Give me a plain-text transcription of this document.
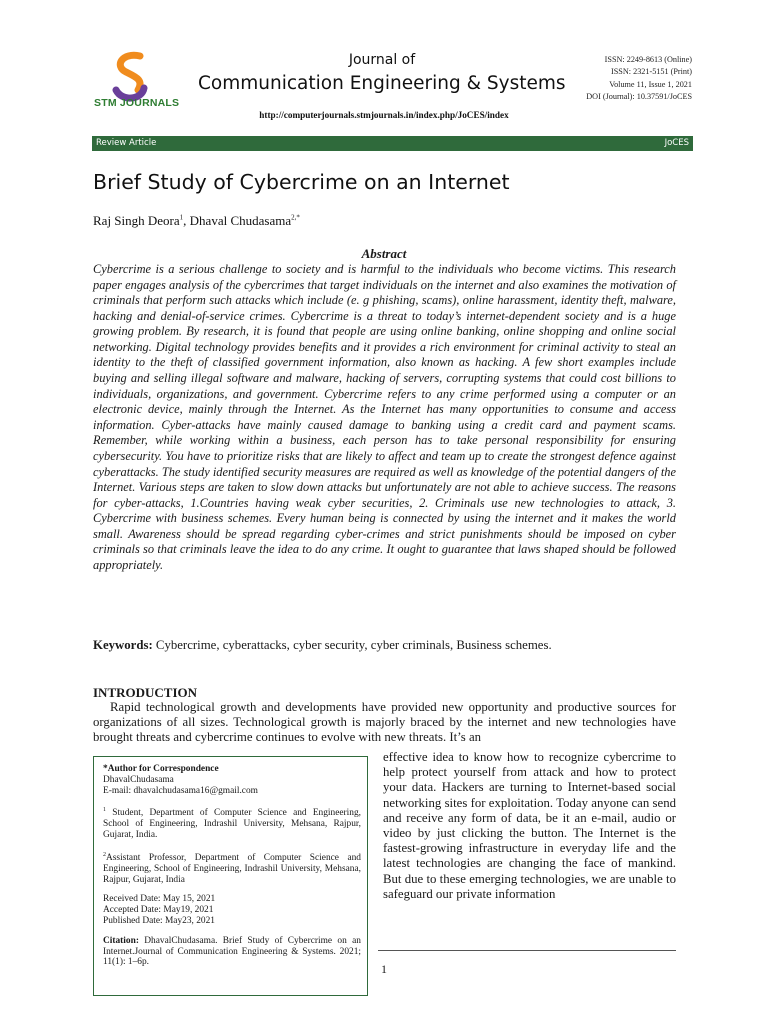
STM JOURNALS
Journal of
Communication Engineering & Systems
ISSN: 2249-8613 (Online)
ISSN: 2321-5151 (Print)
Volume 11, Issue 1, 2021
DOI (Journal): 10.37591/JoCES
http://computerjournals.stmjournals.in/index.php/JoCES/index
Review Article	JoCES
Brief Study of Cybercrime on an Internet
Raj Singh Deora$^1$, Dhaval Chudasama$^{2,*}$
Abstract
Cybercrime is a serious challenge to society and is harmful to the individuals who become victims. This research paper engages analysis of the cybercrimes that target individuals on the internet and also examines the motivation of criminals that perform such attacks which include (e. g phishing, scams), online harassment, identity theft, malware, hacking and denial-of-service crimes. Cybercrime is a threat to today’s internet-dependent society and is a huge growing problem. By research, it is found that people are using online banking, online shopping and online social networking. Digital technology provides benefits and it provides a rich environment for criminal activity to steal an identity to the theft of classified government information, also known as hacking. A few short examples include buying and selling illegal software and malware, hacking of servers, corrupting systems that could cost billions to individuals, organizations, and government. Cybercrime refers to any crime performed using a computer or an electronic device, mainly through the Internet. As the Internet has many opportunities to consume and access information. Cyber-attacks have mainly caused damage to banking using a credit card and payment scams. Remember, while working within a business, each person has to take personal responsibility for ensuring cybersecurity. You have to prioritize risks that are likely to affect and team up to create the strongest defence against cyberattacks. The study identified security measures are required as well as knowledge of the potential dangers of the Internet. Various steps are taken to slow down attacks but unfortunately are not able to achieve success. The reasons for cyber-attacks, 1.Countries having weak cyber securities, 2. Criminals use new technologies to attack, 3. Cybercrime with business schemes. Every human being is connected by using the internet and it makes the world small. Awareness should be spread regarding cyber-crimes and strict punishments should be imposed on cyber criminals so that criminals leave the idea to do any crime. It ought to guarantee that laws shaped should be followed appropriately.
Keywords: Cybercrime, cyberattacks, cyber security, cyber criminals, Business schemes.
INTRODUCTION
Rapid technological growth and developments have provided new opportunity and productive sources for organizations of all sizes. Technological growth is majorly braced by the internet and new technologies have brought threats and cybercrime continues to evolve with new threats. It’s an
effective idea to know how to recognize cybercrime to help protect yourself from attack and how to protect your data. Hackers are turning to Internet-based social networking sites for exploitation. Today anyone can send and receive any form of data, be it an e-mail, audio or video by just clicking the button. The Internet is the fastest-growing infrastructure in everyday life and the latest technologies are changing the face of mankind. But due to these emerging technologies, we are unable to safeguard our private information

*Author for Correspondence
DhavalChudasama
E-mail: dhavalchudasama16@gmail.com

$^1$ Student, Department of Computer Science and Engineering, School of Engineering, Indrashil University, Mehsana, Rajpur, Gujarat, India.

$^2$Assistant Professor, Department of Computer Science and Engineering, School of Engineering, Indrashil University, Mehsana, Rajpur, Gujarat, India

Received Date: May 15, 2021
Accepted Date: May19, 2021
Published Date: May23, 2021

Citation: DhavalChudasama. Brief Study of Cybercrime on an Internet.Journal of Communication Engineering & Systems. 2021; 11(1): 1–6p.	1
